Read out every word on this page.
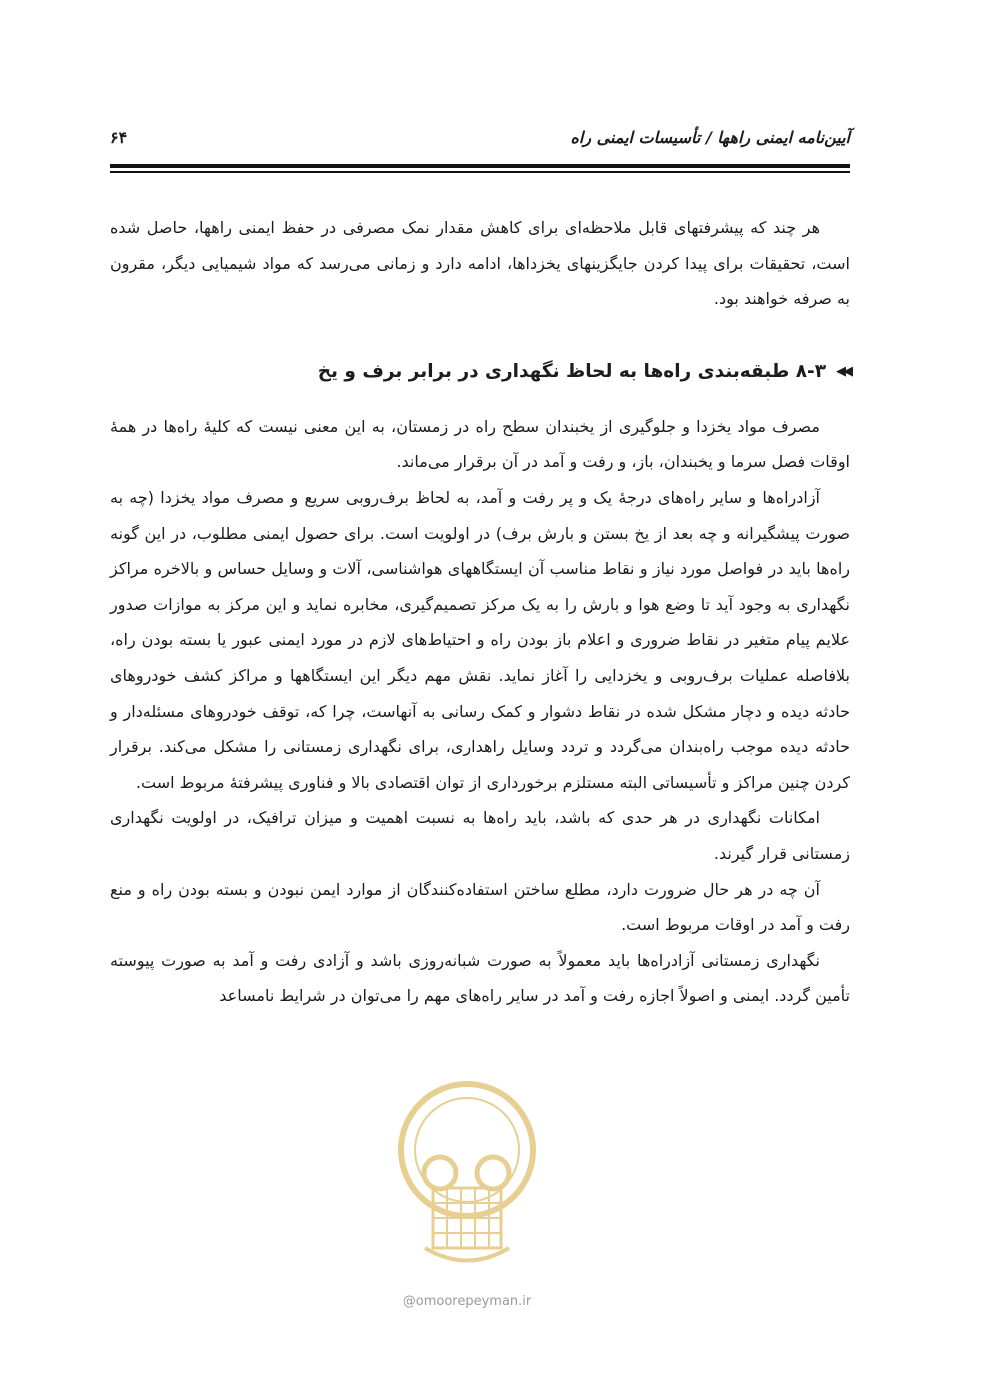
آیین‌نامه ایمنی راهها / تأسیسات ایمنی راه
۶۴

هر چند که پیشرفتهای قابل ملاحظه‌ای برای کاهش مقدار نمک مصرفی در حفظ ایمنی راهها، حاصل شده است، تحقیقات برای پیدا کردن جایگزینهای یخزداها، ادامه دارد و زمانی می‌رسد که مواد شیمیایی دیگر، مقرون به صرفه خواهند بود.

◀◀
۸-۳ طبقه‌بندی راه‌ها به لحاظ نگهداری در برابر برف و یخ

مصرف مواد یخزدا و جلوگیری از یخبندان سطح راه در زمستان، به این معنی نیست که کلیهٔ راه‌ها در همهٔ اوقات فصل سرما و یخبندان، باز، و رفت و آمد در آن برقرار می‌ماند.

آزادراه‌ها و سایر راه‌های درجهٔ یک و پر رفت و آمد، به لحاظ برف‌روبی سریع و مصرف مواد یخزدا (چه به صورت پیشگیرانه و چه بعد از یخ بستن و بارش برف) در اولویت است. برای حصول ایمنی مطلوب، در این گونه راه‌ها باید در فواصل مورد نیاز و نقاط مناسب آن ایستگاههای هواشناسی، آلات و وسایل حساس و بالاخره مراکز نگهداری به وجود آید تا وضع هوا و بارش را به یک مرکز تصمیم‌گیری، مخابره نماید و این مرکز به موازات صدور علایم پیام متغیر در نقاط ضروری و اعلام باز بودن راه و احتیاط‌های لازم در مورد ایمنی عبور یا بسته بودن راه، بلافاصله عملیات برف‌روبی و یخزدایی را آغاز نماید. نقش مهم دیگر این ایستگاهها و مراکز کشف خودروهای حادثه دیده و دچار مشکل شده در نقاط دشوار و کمک رسانی به آنهاست، چرا که، توقف خودروهای مسئله‌دار و حادثه دیده موجب راه‌بندان می‌گردد و تردد وسایل راهداری، برای نگهداری زمستانی را مشکل می‌کند. برقرار کردن چنین مراکز و تأسیساتی البته مستلزم برخورداری از توان اقتصادی بالا و فناوری پیشرفتهٔ مربوط است.

امکانات نگهداری در هر حدی که باشد، باید راه‌ها به نسبت اهمیت و میزان ترافیک، در اولویت نگهداری زمستانی قرار گیرند.

آن چه در هر حال ضرورت دارد، مطلع ساختن استفاده‌کنندگان از موارد ایمن نبودن و بسته بودن راه و منع رفت و آمد در اوقات مربوط است.

نگهداری زمستانی آزادراه‌ها باید معمولاً به صورت شبانه‌روزی باشد و آزادی رفت و آمد به صورت پیوسته تأمین گردد. ایمنی و اصولاً اجازه رفت و آمد در سایر راه‌های مهم را می‌توان در شرایط نامساعد

@omoorepeyman.ir
